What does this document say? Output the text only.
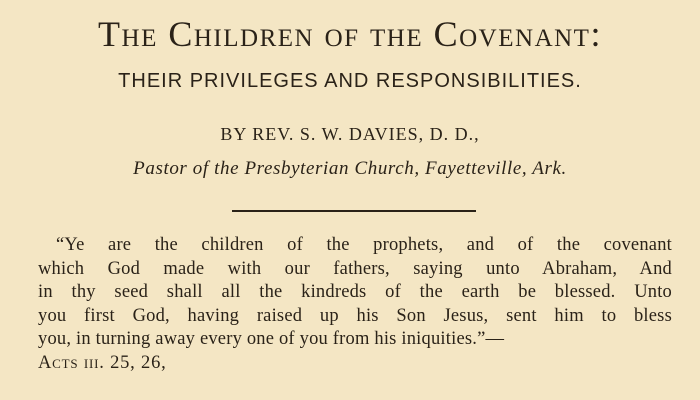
The Children of the Covenant:
THEIR PRIVILEGES AND RESPONSIBILITIES.
BY REV. S. W. DAVIES, D. D.,
Pastor of the Presbyterian Church, Fayetteville, Ark.
“Ye are the children of the prophets, and of the covenant
which God made with our fathers, saying unto Abraham, And
in thy seed shall all the kindreds of the earth be blessed. Unto
you first God, having raised up his Son Jesus, sent him to bless
you, in turning away every one of you from his iniquities.”—
Acts iii. 25, 26,
